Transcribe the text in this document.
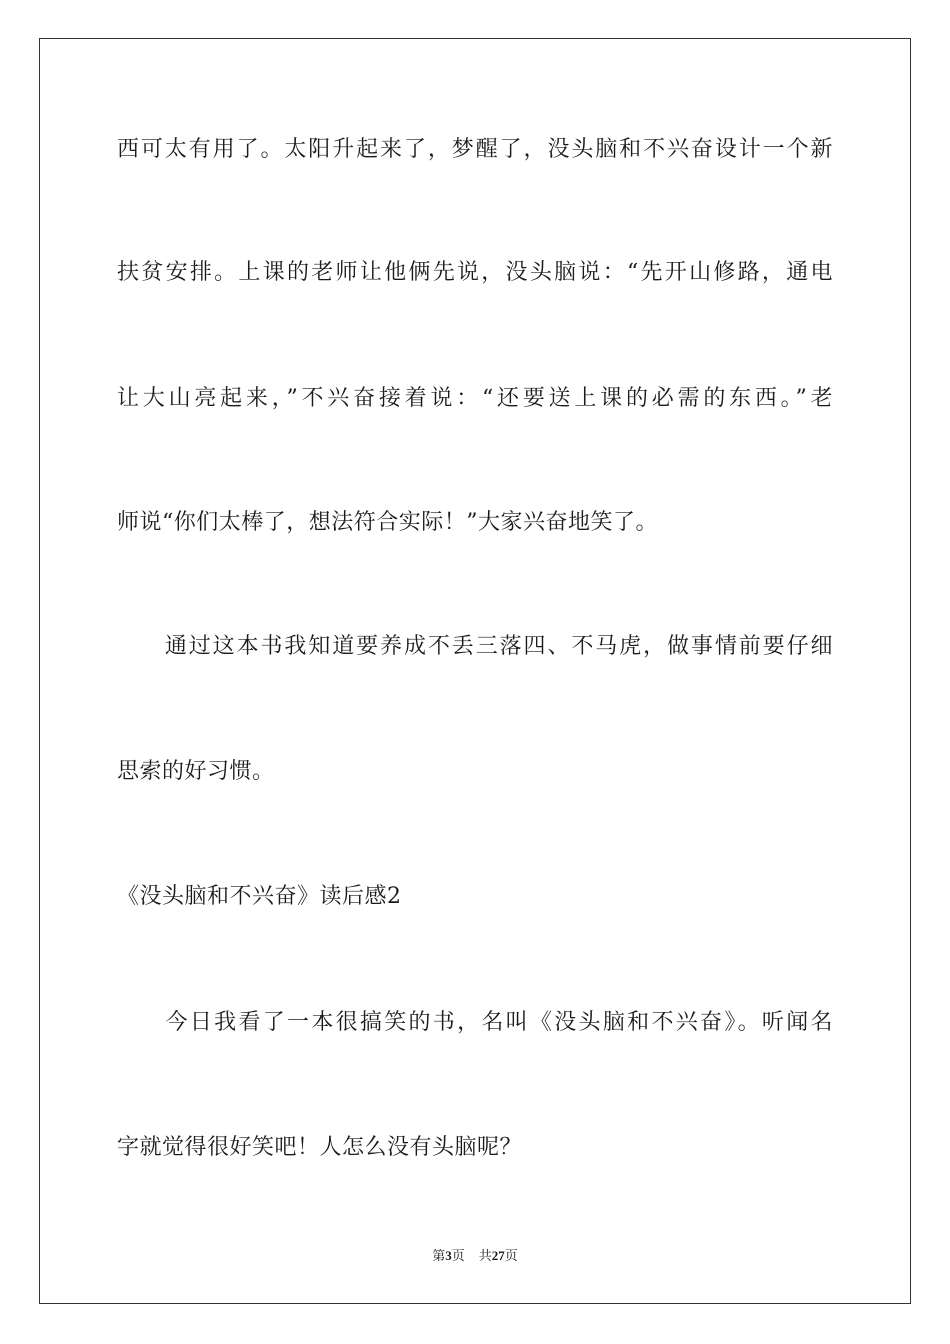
西可太有用了。太阳升起来了，梦醒了，没头脑和不兴奋设计一个新
扶贫安排。上课的老师让他俩先说，没头脑说：“先开山修路，通电
让大山亮起来，”不兴奋接着说：“还要送上课的必需的东西。”老
师说“你们太棒了，想法符合实际！”大家兴奋地笑了。
　　通过这本书我知道要养成不丢三落四、不马虎，做事情前要仔细
思索的好习惯。
《没头脑和不兴奋》读后感2
　　今日我看了一本很搞笑的书，名叫《没头脑和不兴奋》。听闻名
字就觉得很好笑吧！人怎么没有头脑呢？
第3页 共27页
